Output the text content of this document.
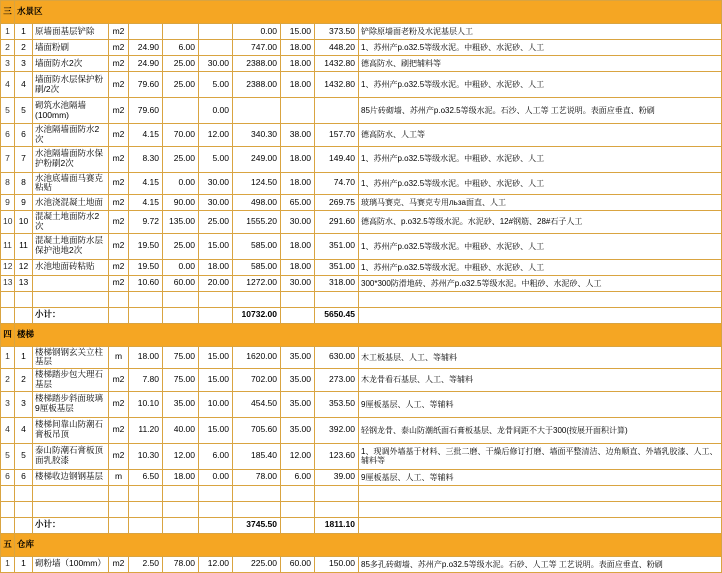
三	水景区									
1	1	原墙面基层铲除	m2				0.00	15.00	373.50	铲除原墙面老粉及水泥基层人工
2	2	墙面粉刷	m2	24.90	6.00		747.00	18.00	448.20	1、苏州产p.o32.5等级水泥。中粗砂、水泥砂、人工
3	3	墙面防水2次	m2	24.90	25.00	30.00	2388.00	18.00	1432.80	德高防水、刷把辅料等
4	4	墙面防水层保护粉刷/2次	m2	79.60	25.00	5.00	2388.00	18.00	1432.80	1、苏州产p.o32.5等级水泥。中粗砂、水泥砂、人工
5	5	砌筑水池隔墙(100mm)	m2	79.60		0.00				85片砖砌墙、苏州产p.o32.5等级水泥。石沙、人工等 工艺说明。表面应垂直、粉刷
6	6	水池隔墙面防水2次	m2	4.15	70.00	12.00	340.30	38.00	157.70	德高防水、人工等
7	7	水池隔墙面防水保护粉刷2次	m2	8.30	25.00	5.00	249.00	18.00	149.40	1、苏州产p.o32.5等级水泥。中粗砂、水泥砂、人工
8	8	水池底墙面马赛克粘贴	m2	4.15	0.00	30.00	124.50	18.00	74.70	1、苏州产p.o32.5等级水泥。中粗砂、水泥砂、人工
9	9	水池浇混凝土地面	m2	4.15	90.00	30.00	498.00	65.00	269.75	玻璃马赛克、马赛克专用льза面直、人工
10	10	混凝土地面防水2次	m2	9.72	135.00	25.00	1555.20	30.00	291.60	德高防水、p.o32.5等级水泥。水泥砂、12#钢筋、28#石子人工
11	11	混凝土地面防水层保护池地2次	m2	19.50	25.00	15.00	585.00	18.00	351.00	1、苏州产p.o32.5等级水泥。中粗砂、水泥砂、人工
12	12	水池地面砖粘贴	m2	19.50	0.00	18.00	585.00	18.00	351.00	1、苏州产p.o32.5等级水泥。中粗砂、水泥砂、人工
13	13		m2	10.60	60.00	20.00	1272.00	30.00	318.00	300*300防滑地砖、苏州产p.o32.5等级水泥。中粗砂、水泥砂、人工

		小计：					10732.00		5650.45	
四	楼梯									
1	1	楼梯钢钢玄关立柱基层	m	18.00	75.00	15.00	1620.00	35.00	630.00	木工板基层、人工、等辅料
2	2	楼梯踏步包大理石基层	m2	7.80	75.00	15.00	702.00	35.00	273.00	木龙骨看石基层、人工、等辅料
3	3	楼梯踏步斜面玻璃9厘板基层	m2	10.10	35.00	10.00	454.50	35.00	353.50	9厘板基层、人工、等辅料
4	4	楼梯间靠山防潮石膏板吊顶	m2	11.20	40.00	15.00	705.60	35.00	392.00	轻钢龙骨、泰山防潮纸面石膏板基层、龙骨间距不大于300(按展开面积计算)
5	5	泰山防潮石膏板顶面乳胶漆	m2	10.30	12.00	6.00	185.40	12.00	123.60	1、现调外墙基于材料、三批二磨、干燥后修订打磨、墙面平整清洁、边角顺直、外墙乳胶漆、人工、辅料等
6	6	楼梯收边钢钢基层	m	6.50	18.00	0.00	78.00	6.00	39.00	9厘板基层、人工、等辅料

		小计：					3745.50		1811.10	
五	仓库									
1	1	砌粉墙（100mm）	m2	2.50	78.00	12.00	225.00	60.00	150.00	85多孔砖砌墙、苏州产p.o32.5等级水泥。石砂、人工等 工艺说明。表面应垂直、粉刷
